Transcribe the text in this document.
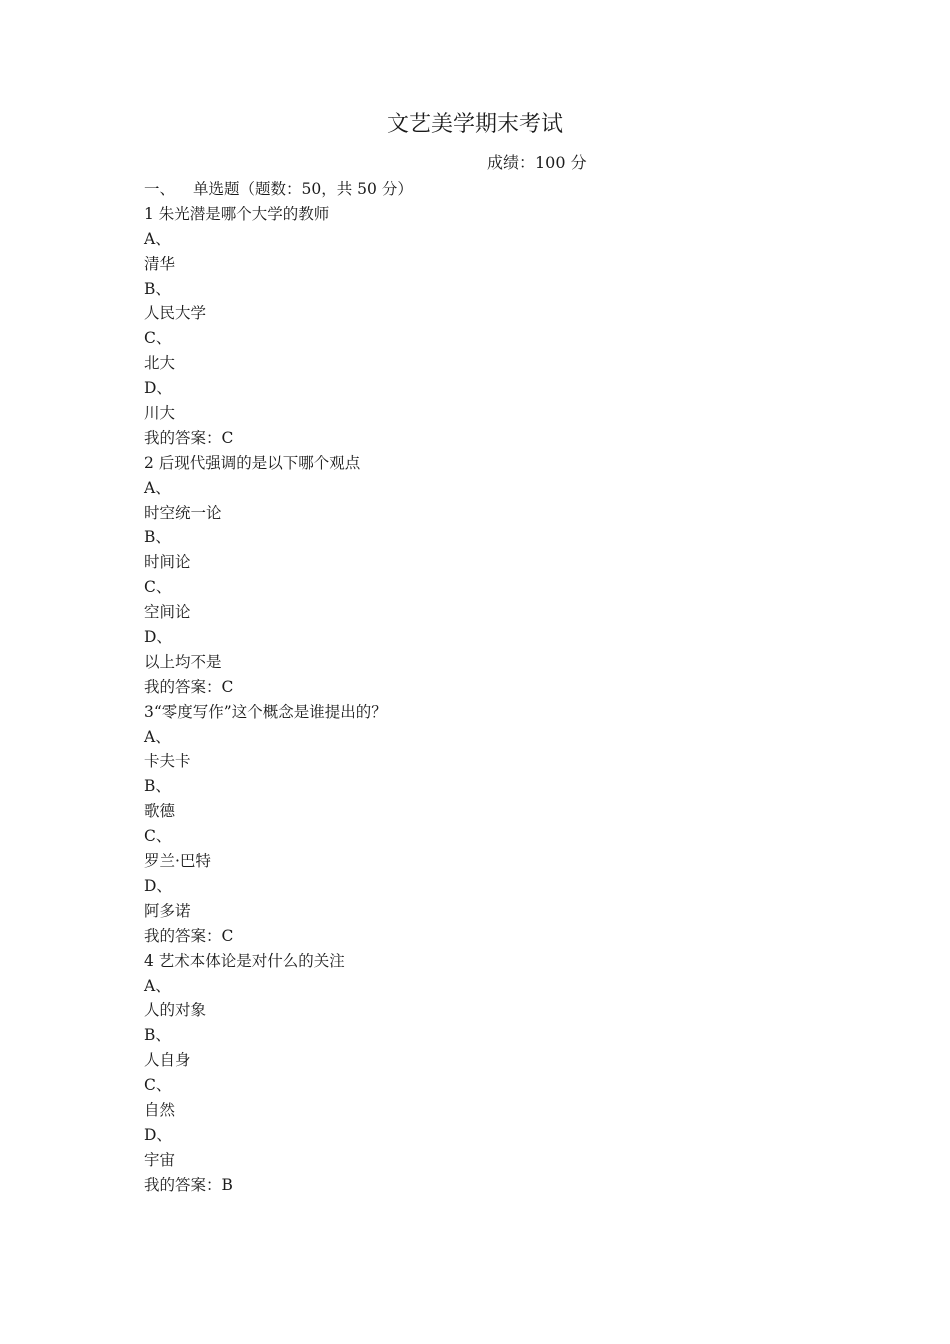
文艺美学期末考试
成绩：100 分
一、 单选题（题数：50，共 50 分）
1 朱光潜是哪个大学的教师
A、
清华
B、
人民大学
C、
北大
D、
川大
我的答案：C
2 后现代强调的是以下哪个观点
A、
时空统一论
B、
时间论
C、
空间论
D、
以上均不是
我的答案：C
3“零度写作”这个概念是谁提出的？
A、
卡夫卡
B、
歌德
C、
罗兰·巴特
D、
阿多诺
我的答案：C
4 艺术本体论是对什么的关注
A、
人的对象
B、
人自身
C、
自然
D、
宇宙
我的答案：B
